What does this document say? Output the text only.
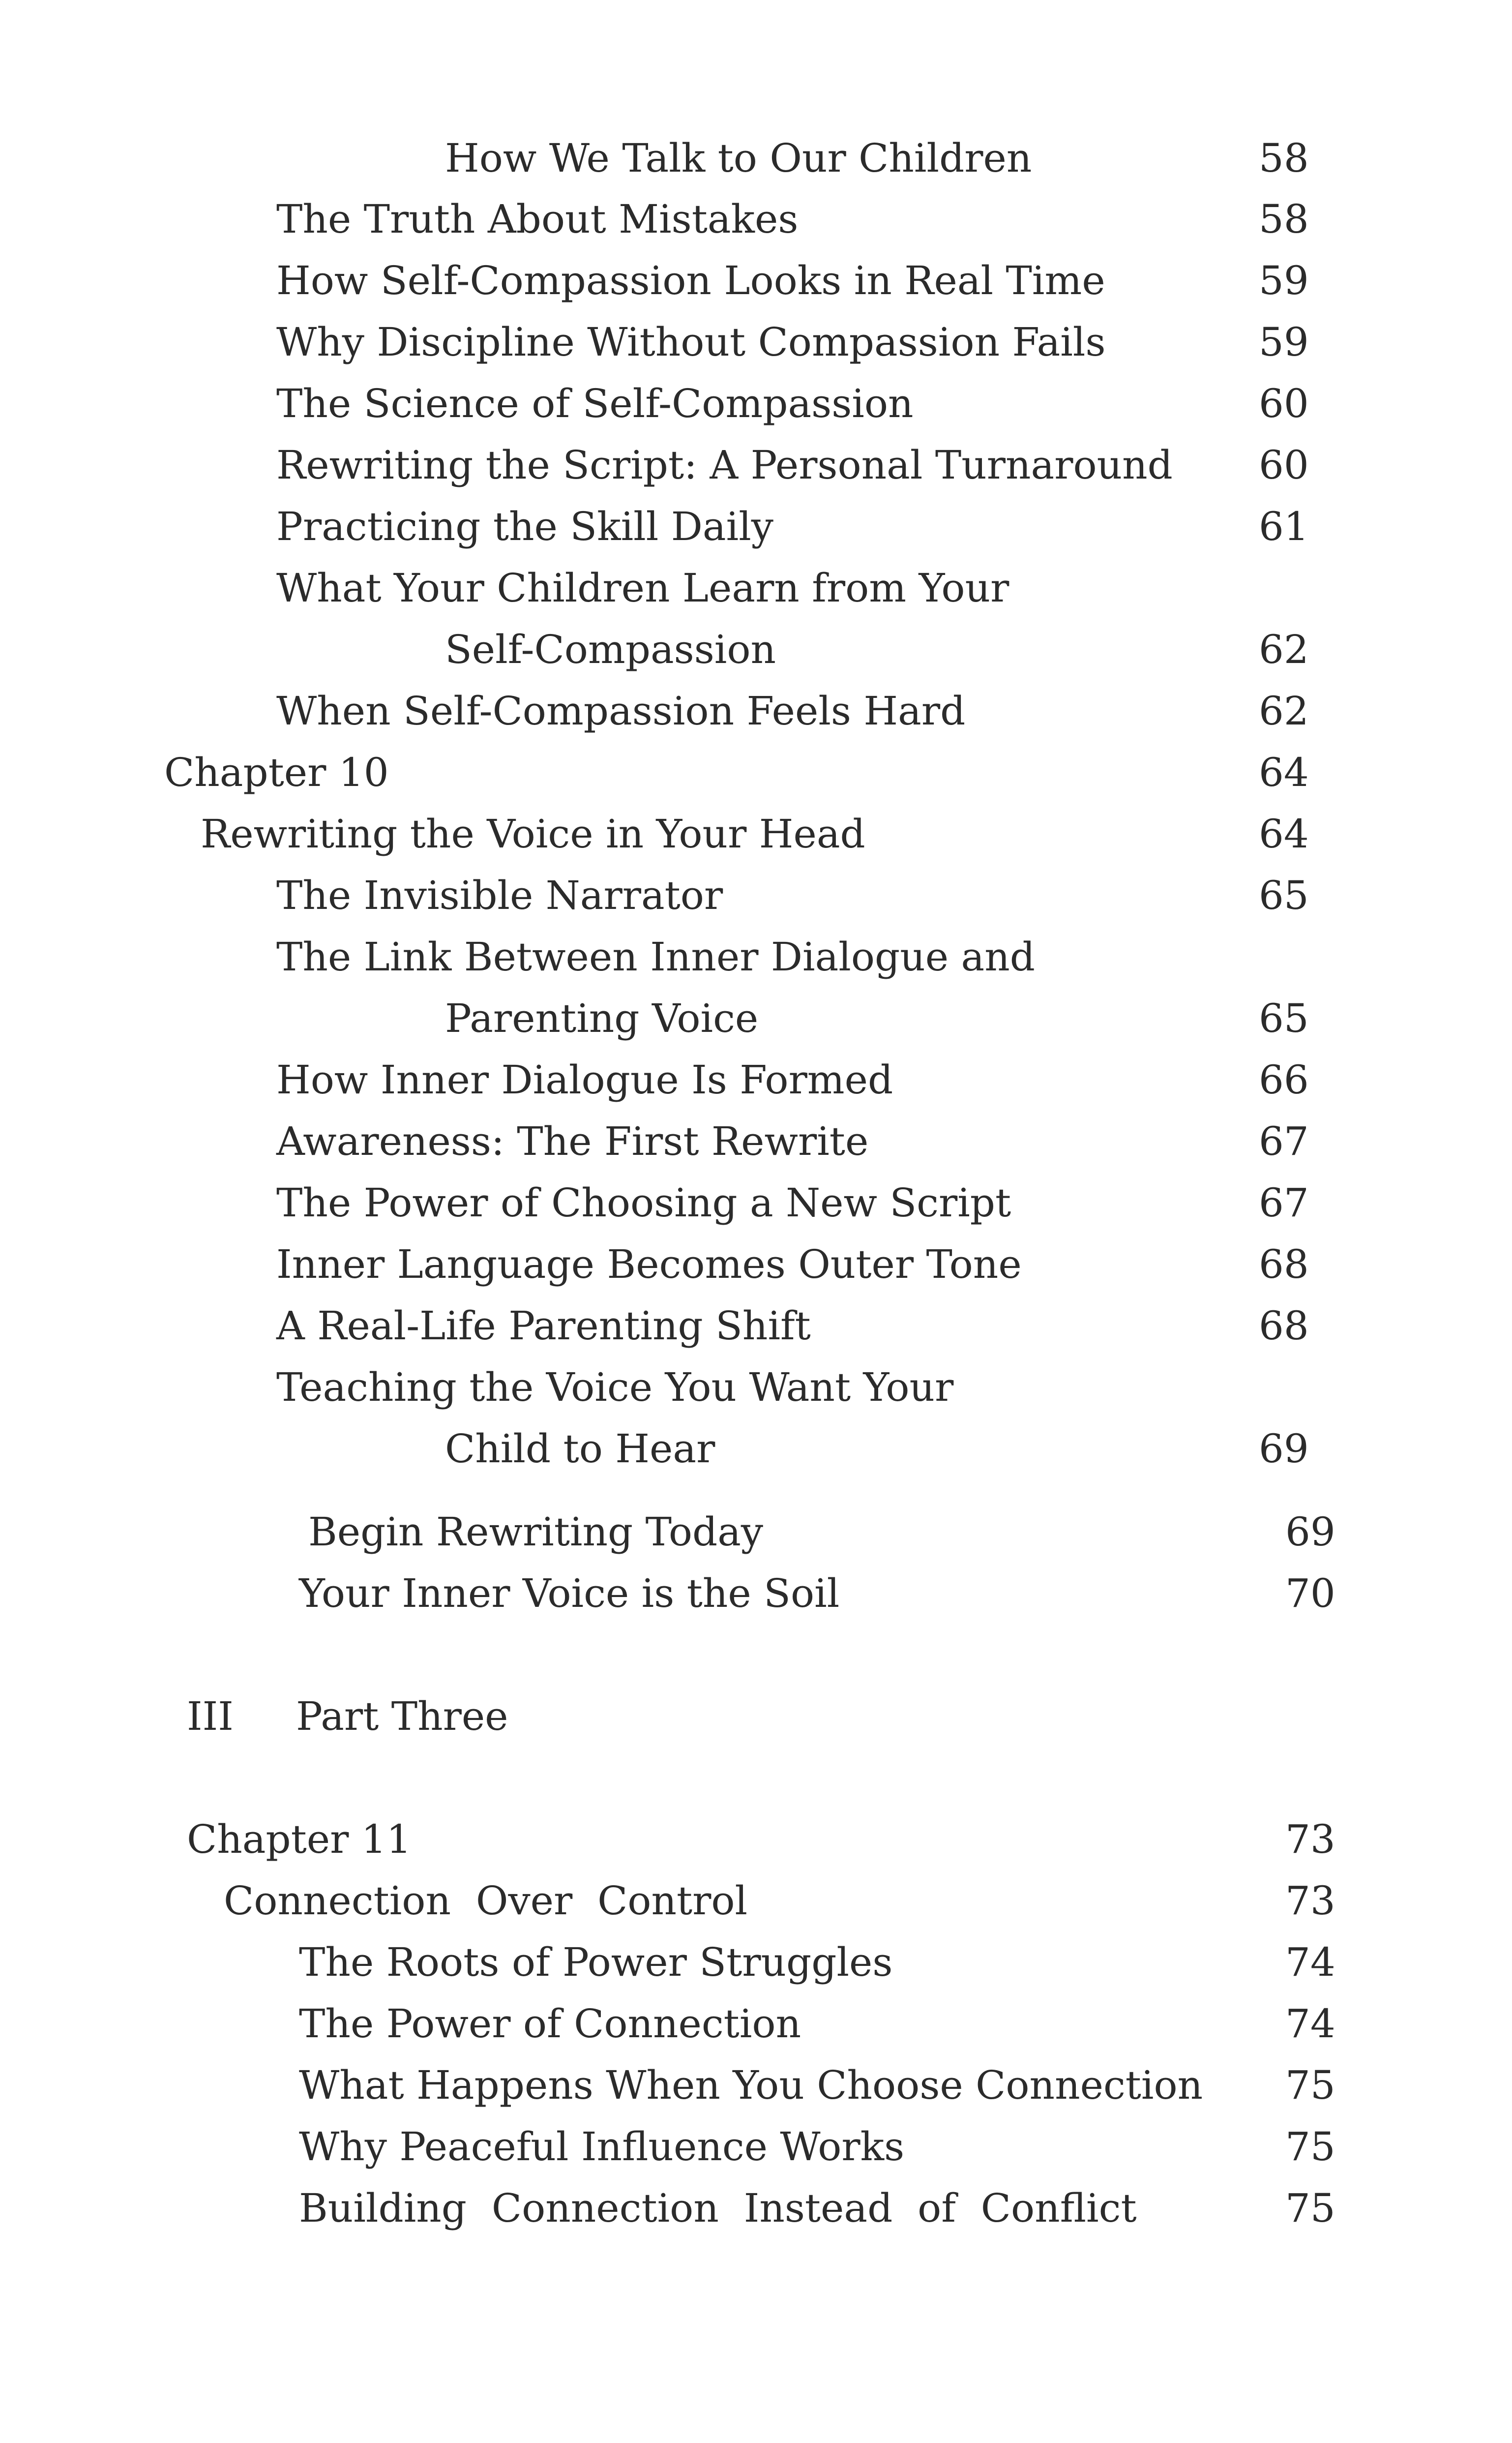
How We Talk to Our Children	58
The Truth About Mistakes	58
How Self-Compassion Looks in Real Time	59
Why Discipline Without Compassion Fails	59
The Science of Self-Compassion	60
Rewriting the Script: A Personal Turnaround 60
Practicing the Skill Daily	61
What Your Children Learn from Your
Self-Compassion	62
When Self-Compassion Feels Hard	62
Chapter 10	64
Rewriting the Voice in Your Head	64
The Invisible Narrator	65
The Link Between Inner Dialogue and
Parenting Voice	65
How Inner Dialogue Is Formed	66
Awareness: The First Rewrite	67
The Power of Choosing a New Script	67
Inner Language Becomes Outer Tone	68
A Real-Life Parenting Shift	68
Teaching the Voice You Want Your
Child to Hear	69
Begin Rewriting Today	69
Your Inner Voice is the Soil	70
III     Part Three
Chapter 11	73
Connection  Over  Control	73
The Roots of Power Struggles	74
The Power of Connection	74
What Happens When You Choose Connection 75
Why Peaceful Influence Works	75
Building  Connection  Instead  of  Conflict	75
